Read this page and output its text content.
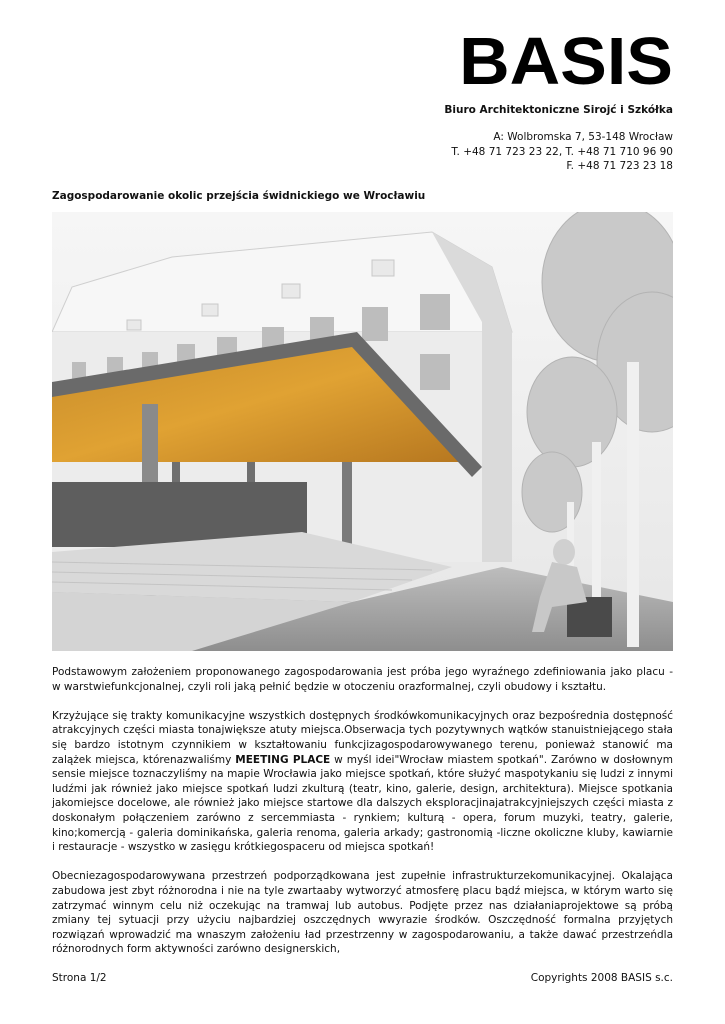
BASIS
Biuro Architektoniczne Sirojć i Szkółka
A: Wolbromska 7, 53-148 Wrocław
T. +48 71 723 23 22, T. +48 71 710 96 90
F. +48 71 723 23 18
Zagospodarowanie okolic przejścia świdnickiego we Wrocławiu

Podstawowym założeniem proponowanego zagospodarowania jest próba jego wyraźnego zdefiniowania jako placu - w warstwiefunkcjonalnej, czyli roli jaką pełnić będzie w otoczeniu orazformalnej, czyli obudowy i kształtu.

Krzyżujące się trakty komunikacyjne wszystkich dostępnych środkówkomunikacyjnych oraz bezpośrednia dostępność atrakcyjnych części miasta tonajwiększe atuty miejsca.Obserwacja tych pozytywnych wątków stanuistniejącego stała się bardzo istotnym czynnikiem w kształtowaniu funkcjizagospodarowywanego terenu, ponieważ stanowić ma zalążek miejsca, którenazwaliśmy MEETING PLACE w myśl idei"Wrocław miastem spotkań". Zarówno w dosłownym sensie miejsce toznaczyliśmy na mapie Wrocławia jako miejsce spotkań, które służyć maspotykaniu się ludzi z innymi ludźmi jak również jako miejsce spotkań ludzi zkulturą (teatr, kino, galerie, design, architektura). Miejsce spotkania jakomiejsce docelowe, ale również jako miejsce startowe dla dalszych eksploracjinajatrakcyjniejszych części miasta z doskonałym połączeniem zarówno z sercemmiasta - rynkiem; kulturą - opera, forum muzyki, teatry, galerie, kino;komercją - galeria dominikańska, galeria renoma, galeria arkady; gastronomią -liczne okoliczne kluby, kawiarnie i restauracje - wszystko w zasięgu krótkiegospaceru od miejsca spotkań!

Obecniezagospodarowywana przestrzeń podporządkowana jest zupełnie infrastrukturzekomunikacyjnej. Okalająca zabudowa jest zbyt różnorodna i nie na tyle zwartaaby wytworzyć atmosferę placu bądź miejsca, w którym warto się zatrzymać winnym celu niż oczekując na tramwaj lub autobus. Podjęte przez nas działaniaprojektowe są próbą zmiany tej sytuacji przy użyciu najbardziej oszczędnych wwyrazie środków. Oszczędność formalna przyjętych rozwiązań wprowadzić ma wnaszym założeniu ład przestrzenny w zagospodarowaniu, a także dawać przestrzeńdla różnorodnych form aktywności zarówno designerskich,

Strona 1/2	Copyrights 2008 BASIS s.c.
